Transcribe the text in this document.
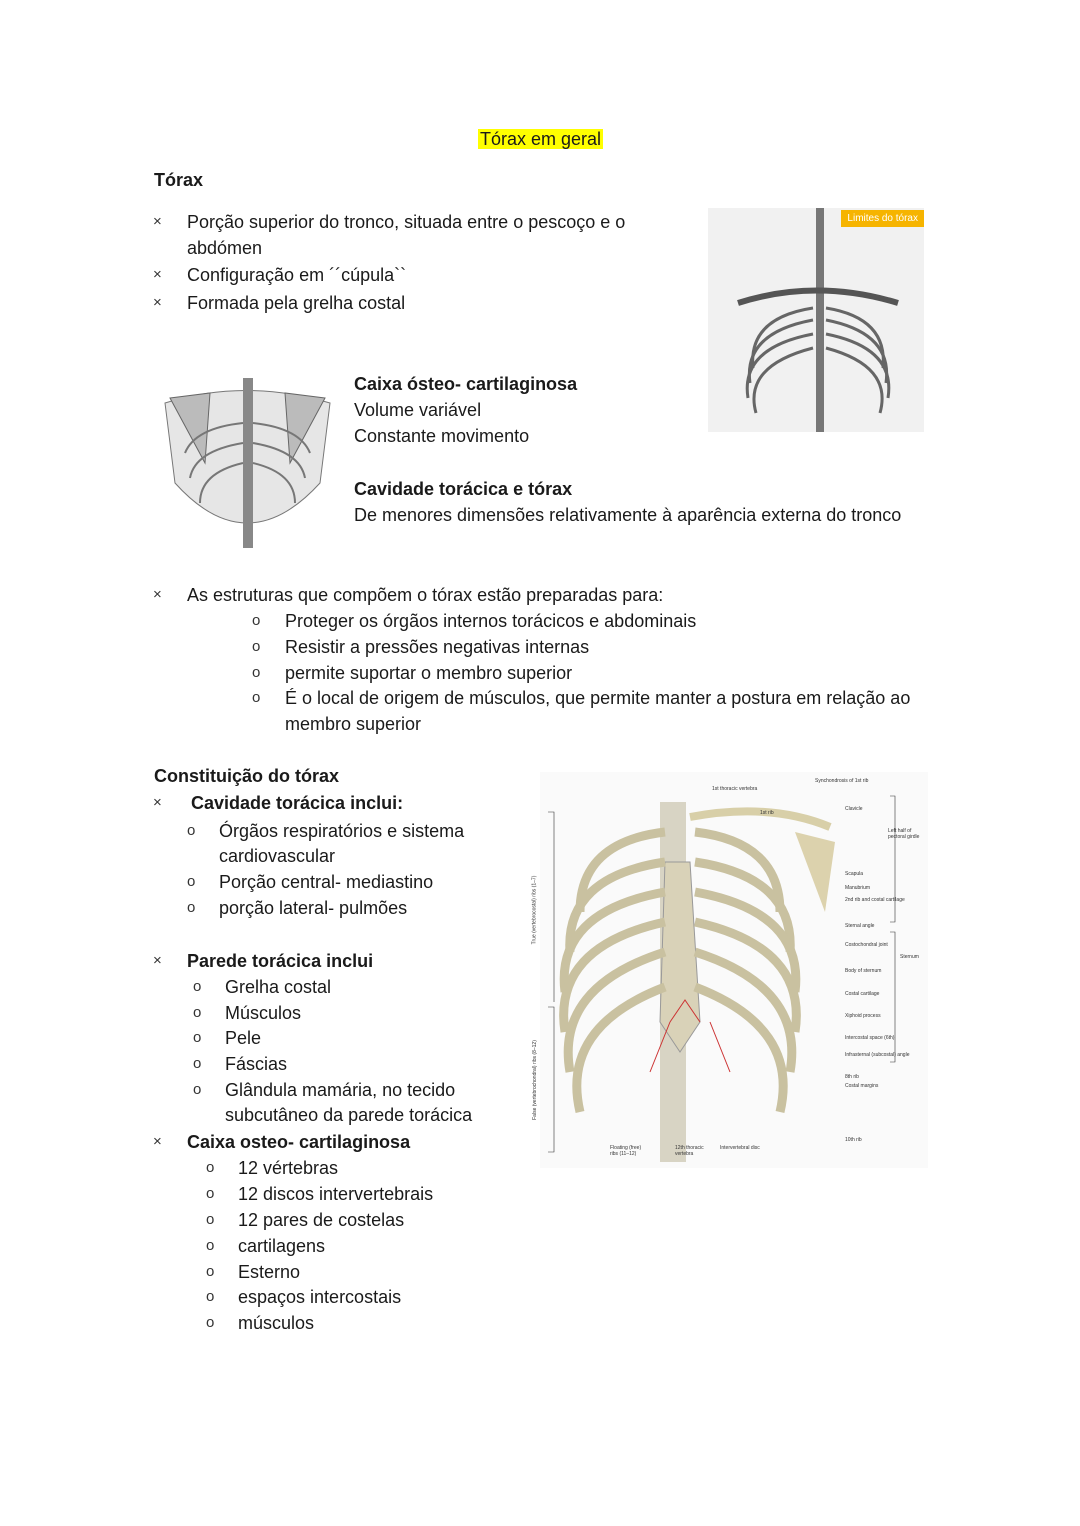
Tórax em geral
Tórax
× Porção superior do tronco, situada entre o pescoço e o
abdómen
× Configuração em ´´cúpula``
× Formada pela grelha costal
Limites do tórax
Caixa ósteo- cartilaginosa
Volume variável
Constante movimento
Cavidade torácica e tórax
De menores dimensões relativamente à aparência externa do tronco
× As estruturas que compõem o tórax estão preparadas para:
o Proteger os órgãos internos torácicos e abdominais
o Resistir a pressões negativas internas
o permite suportar o membro superior
o É o local de origem de músculos, que permite manter a postura em relação ao
membro superior
Constituição do tórax
× Cavidade torácica inclui:
o Órgãos respiratórios e sistema
cardiovascular
o Porção central- mediastino
o porção lateral- pulmões
× Parede torácica inclui
o Grelha costal
o Músculos
o Pele
o Fáscias
o Glândula mamária, no tecido
subcutâneo da parede torácica
× Caixa osteo- cartilaginosa
o 12 vértebras
o 12 discos intervertebrais
o 12 pares de costelas
o cartilagens
o Esterno
o espaços intercostais
o músculos
1st thoracic vertebra
1st rib
Synchondrosis of 1st rib
Clavicle
Scapula
Manubrium
2nd rib and costal cartilage
Sternal angle
Costochondral joint
Body of sternum
Costal cartilage
Xiphoid process
Intercostal space (6th)
Infrasternal (subcostal) angle
8th rib
Costal margins
10th rib
Left half of pectoral girdle
Sternum
True (vertebrocostal) ribs (1–7)
False (vertebrochondral) ribs (8–12)
Floating (free) ribs (11–12)
12th thoracic vertebra
Intervertebral disc
